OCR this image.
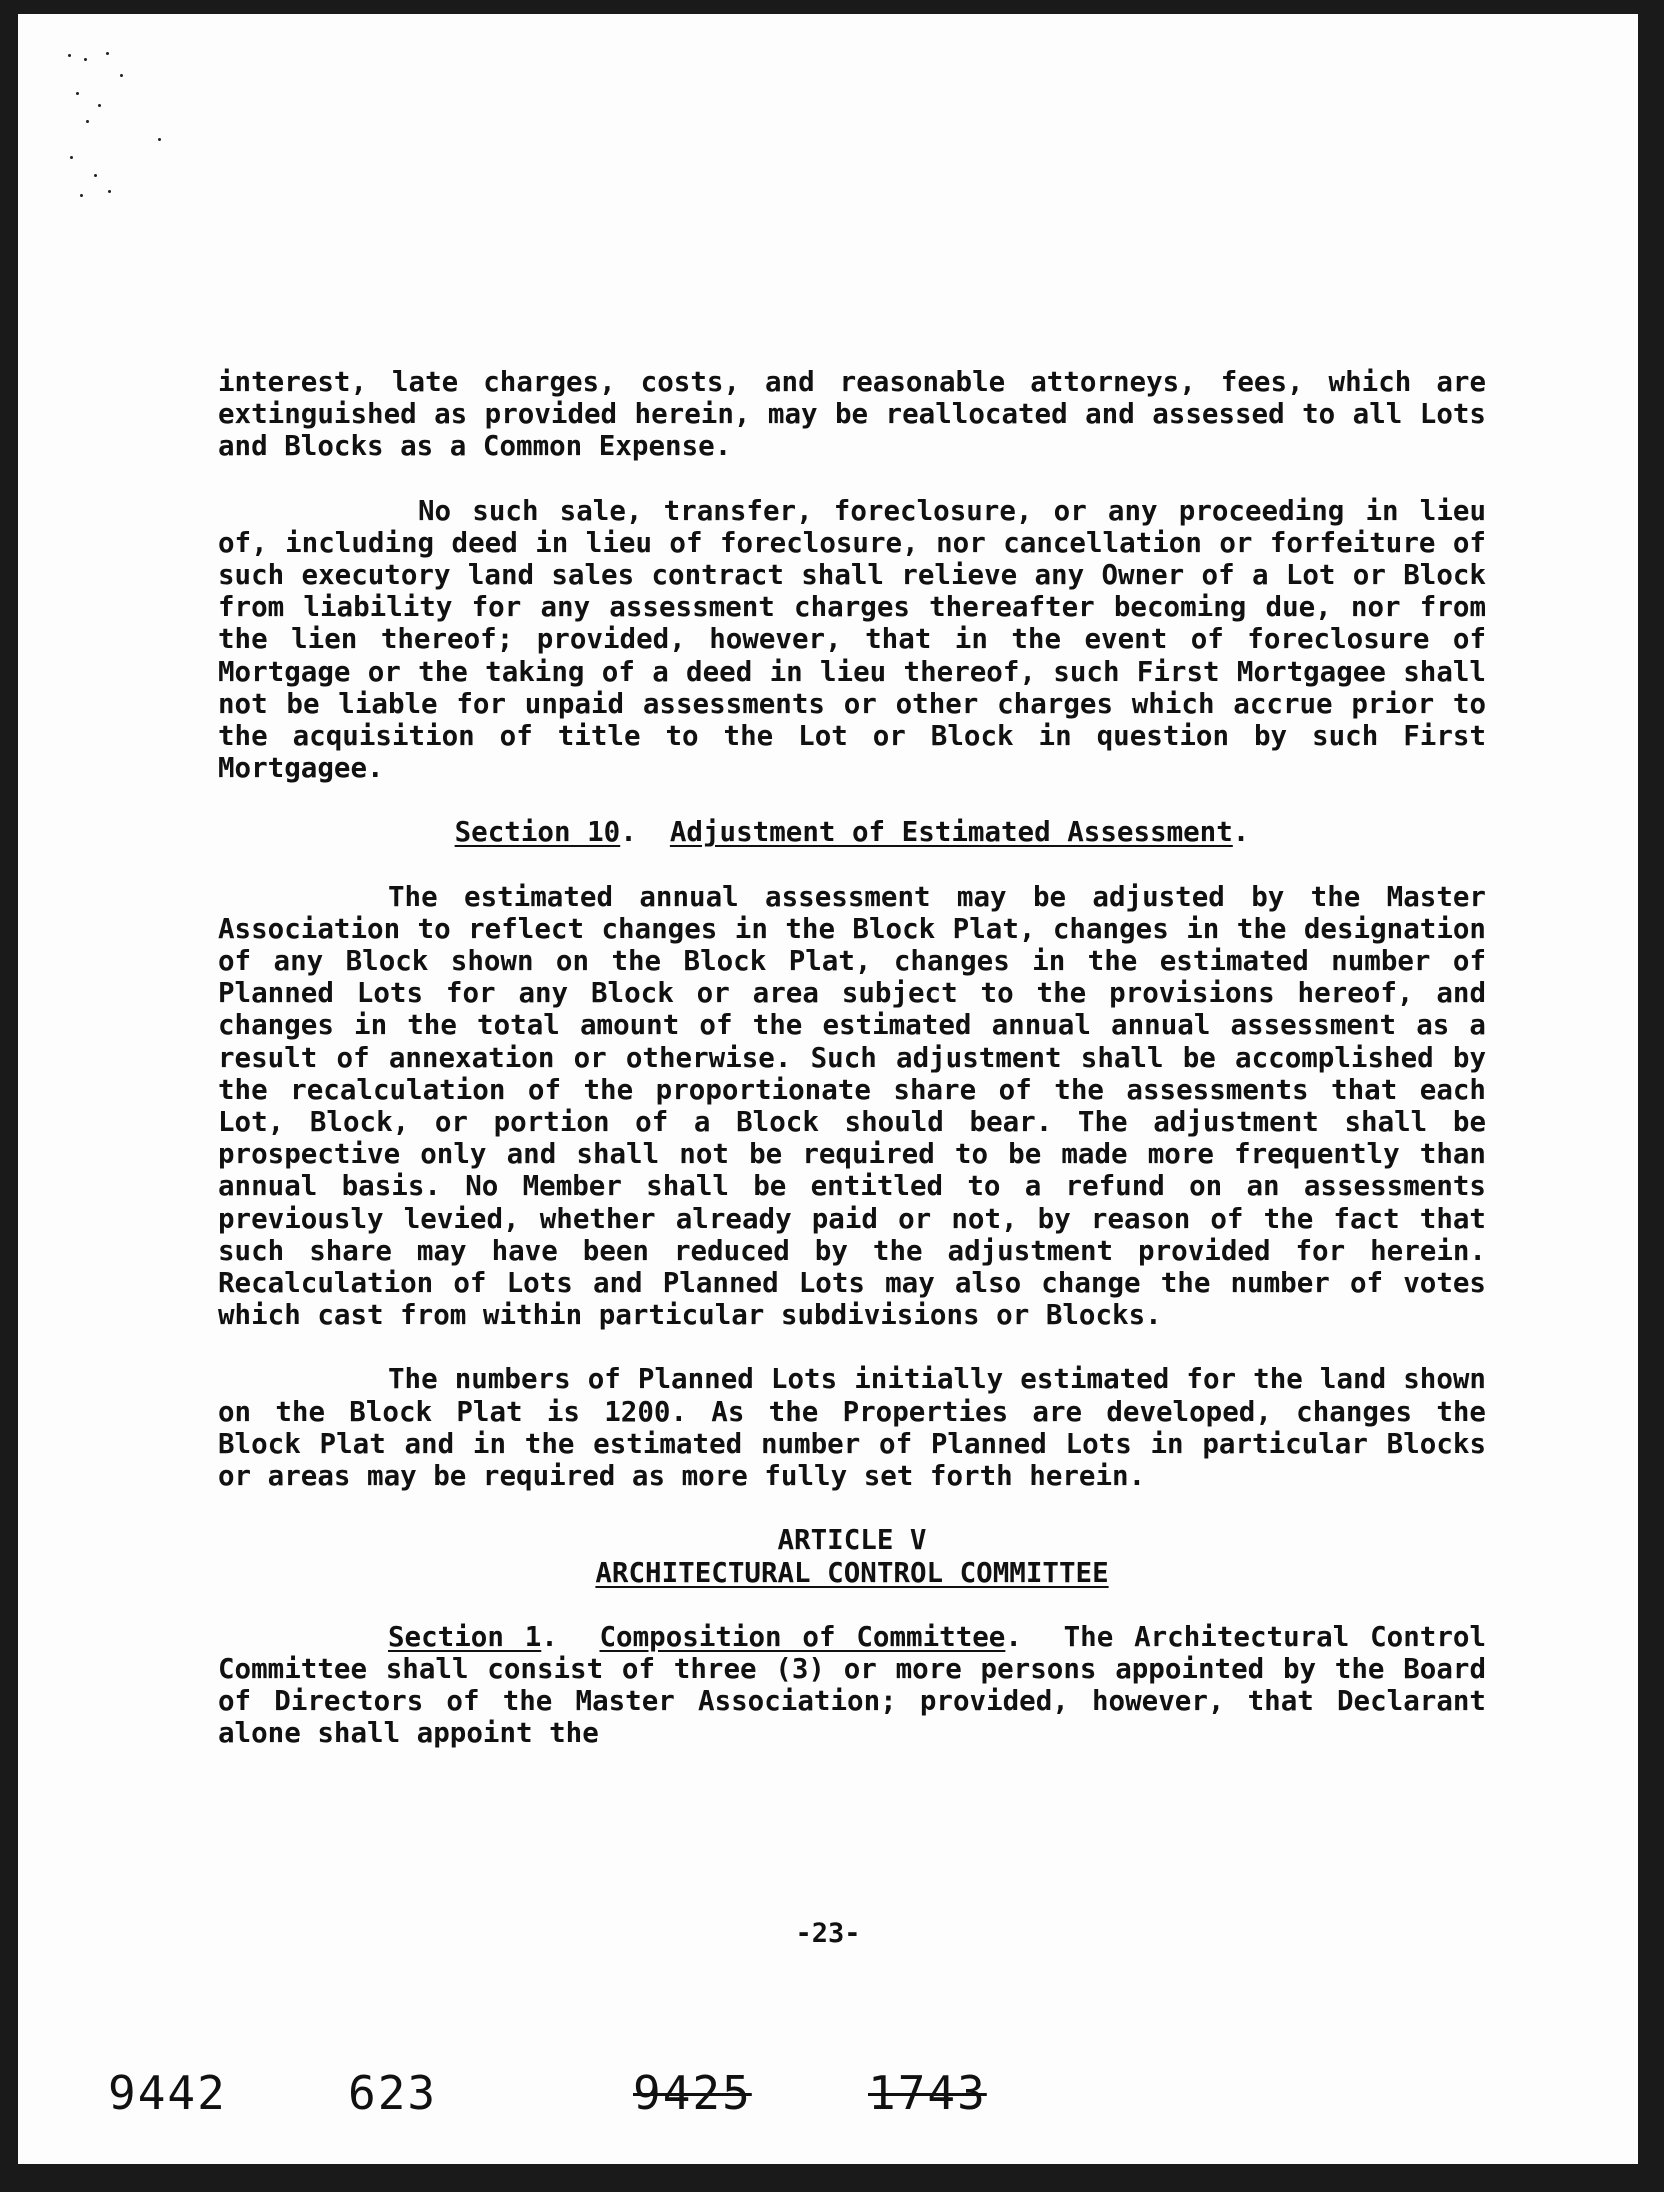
interest, late charges, costs, and reasonable attorneys, fees, which are extinguished as provided herein, may be reallocated and assessed to all Lots and Blocks as a Common Expense.

No such sale, transfer, foreclosure, or any proceeding in lieu of, including deed in lieu of foreclosure, nor cancellation or forfeiture of such executory land sales contract shall relieve any Owner of a Lot or Block from liability for any assessment charges thereafter becoming due, nor from the lien thereof; provided, however, that in the event of foreclosure of Mortgage or the taking of a deed in lieu thereof, such First Mortgagee shall not be liable for unpaid assessments or other charges which accrue prior to the acquisition of title to the Lot or Block in question by such First Mortgagee.

Section 10.  Adjustment of Estimated Assessment.

The estimated annual assessment may be adjusted by the Master Association to reflect changes in the Block Plat, changes in the designation of any Block shown on the Block Plat, changes in the estimated number of Planned Lots for any Block or area subject to the provisions hereof, and changes in the total amount of the estimated annual annual assessment as a result of annexation or otherwise. Such adjustment shall be accomplished by the recalculation of the proportionate share of the assessments that each Lot, Block, or portion of a Block should bear. The adjustment shall be prospective only and shall not be required to be made more frequently than annual basis. No Member shall be entitled to a refund on an assessments previously levied, whether already paid or not, by reason of the fact that such share may have been reduced by the adjustment provided for herein. Recalculation of Lots and Planned Lots may also change the number of votes which cast from within particular subdivisions or Blocks.

The numbers of Planned Lots initially estimated for the land shown on the Block Plat is 1200. As the Properties are developed, changes the Block Plat and in the estimated number of Planned Lots in particular Blocks or areas may be required as more fully set forth herein.

ARTICLE V
ARCHITECTURAL CONTROL COMMITTEE

Section 1.  Composition of Committee.  The Architectural Control Committee shall consist of three (3) or more persons appointed by the Board of Directors of the Master Association; provided, however, that Declarant alone shall appoint the

-23-
9442	623	9425	1743
